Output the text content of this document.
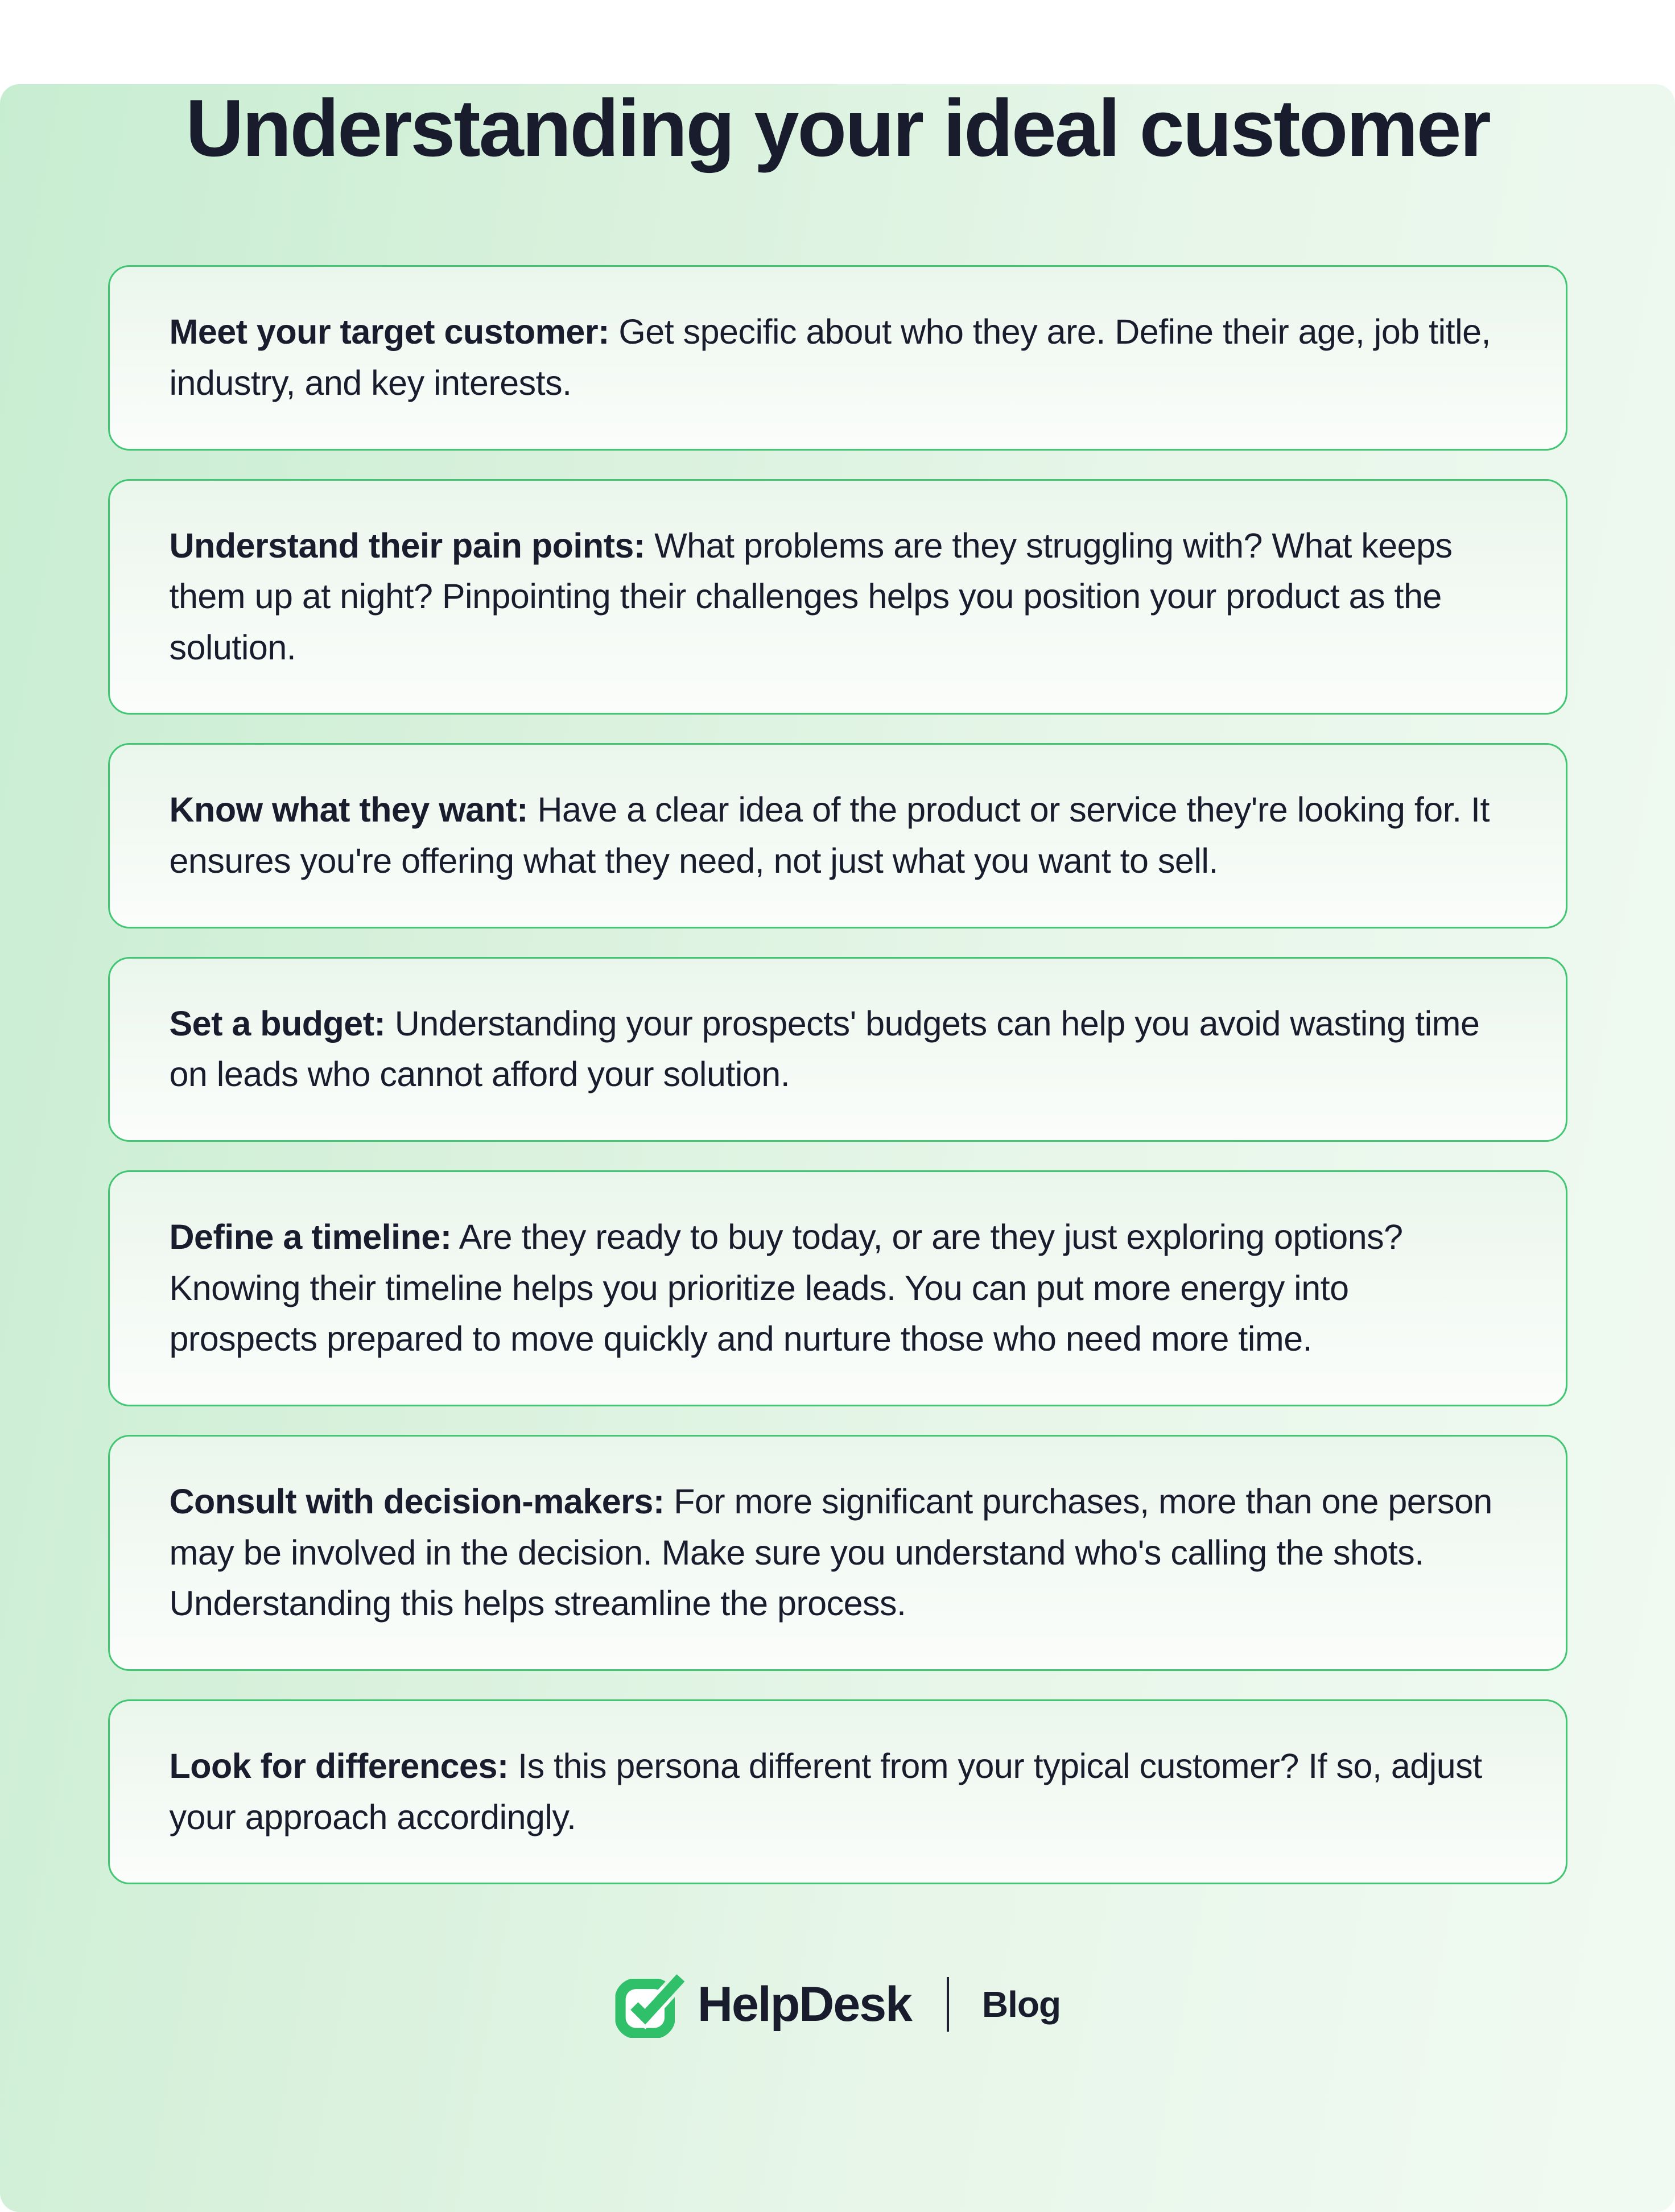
Understanding your ideal customer

Meet your target customer: Get specific about who they are. Define their age, job title, industry, and key interests.

Understand their pain points: What problems are they struggling with? What keeps them up at night? Pinpointing their challenges helps you position your product as the solution.

Know what they want: Have a clear idea of the product or service they're looking for. It ensures you're offering what they need, not just what you want to sell.

Set a budget: Understanding your prospects' budgets can help you avoid wasting time on leads who cannot afford your solution.

Define a timeline: Are they ready to buy today, or are they just exploring options? Knowing their timeline helps you prioritize leads. You can put more energy into prospects prepared to move quickly and nurture those who need more time.

Consult with decision-makers: For more significant purchases, more than one person may be involved in the decision. Make sure you understand who's calling the shots. Understanding this helps streamline the process.

Look for differences: Is this persona different from your typical customer? If so, adjust your approach accordingly.

HelpDesk Blog
